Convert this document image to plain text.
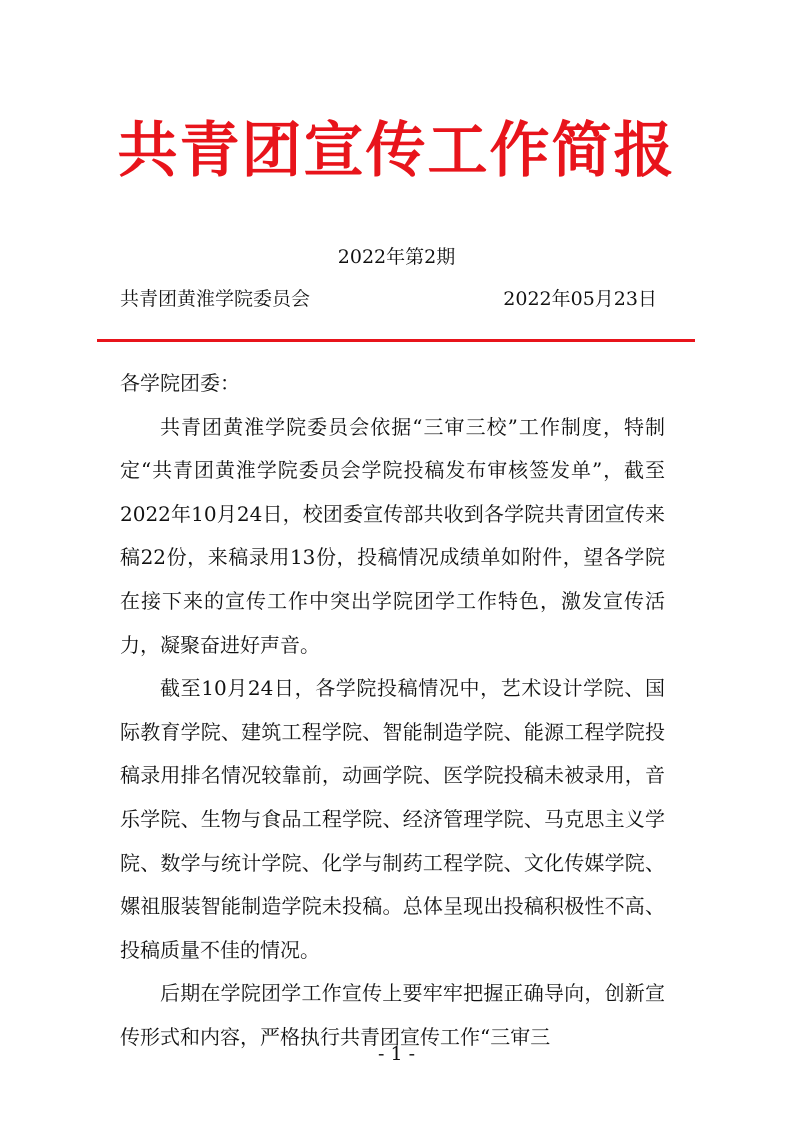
共青团宣传工作简报
2022年第2期
共青团黄淮学院委员会	2022年05月23日

各学院团委：

共青团黄淮学院委员会依据“三审三校”工作制度，特制定“共青团黄淮学院委员会学院投稿发布审核签发单”，截至2022年10月24日，校团委宣传部共收到各学院共青团宣传来稿22份，来稿录用13份，投稿情况成绩单如附件，望各学院在接下来的宣传工作中突出学院团学工作特色，激发宣传活力，凝聚奋进好声音。

截至10月24日，各学院投稿情况中，艺术设计学院、国际教育学院、建筑工程学院、智能制造学院、能源工程学院投稿录用排名情况较靠前，动画学院、医学院投稿未被录用，音乐学院、生物与食品工程学院、经济管理学院、马克思主义学院、数学与统计学院、化学与制药工程学院、文化传媒学院、嫘祖服装智能制造学院未投稿。总体呈现出投稿积极性不高、投稿质量不佳的情况。

后期在学院团学工作宣传上要牢牢把握正确导向，创新宣传形式和内容，严格执行共青团宣传工作“三审三

- 1 -
